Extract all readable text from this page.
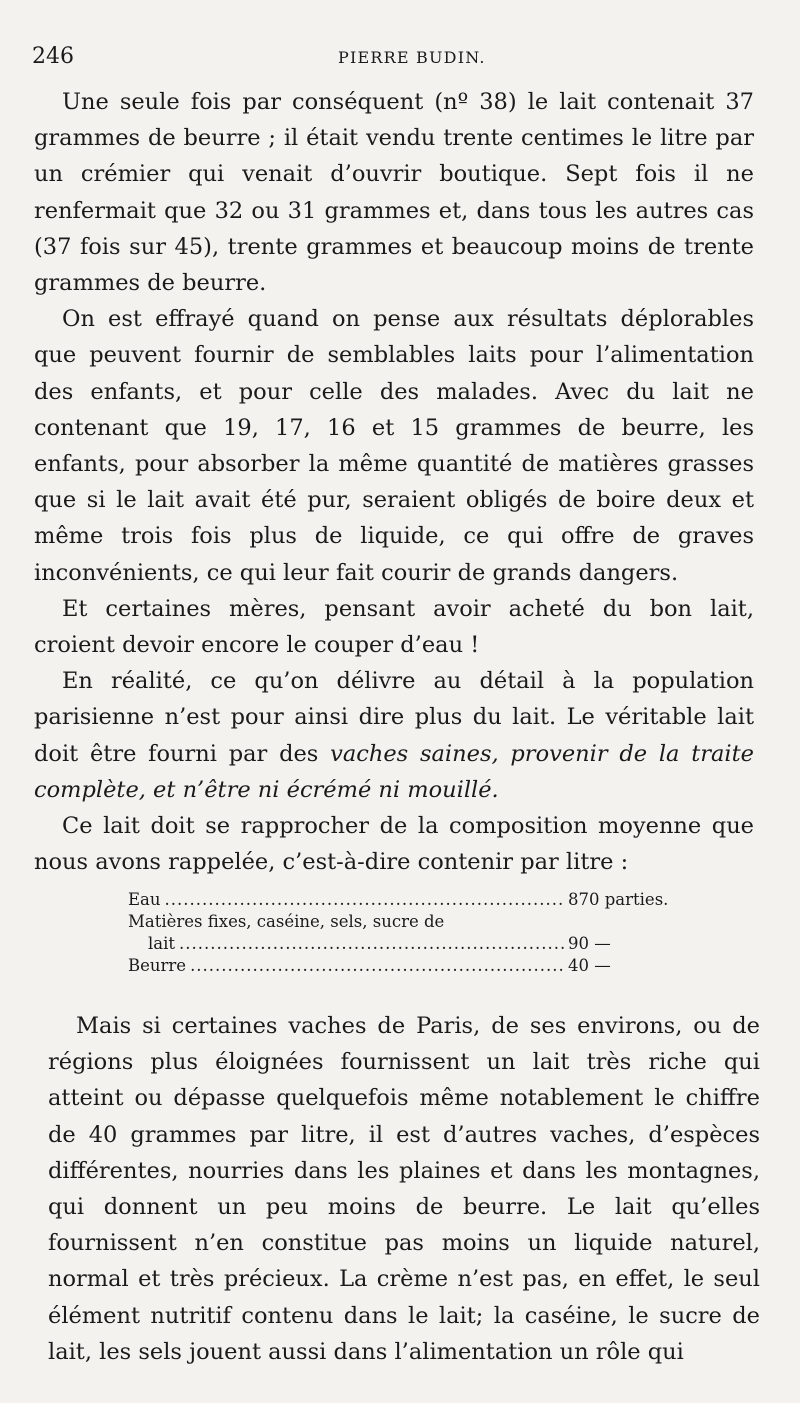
246	PIERRE BUDIN.

Une seule fois par conséquent (nº 38) le lait contenait 37 grammes de beurre ; il était vendu trente centimes le litre par un crémier qui venait d’ouvrir boutique. Sept fois il ne renfermait que 32 ou 31 grammes et, dans tous les autres cas (37 fois sur 45), trente grammes et beaucoup moins de trente grammes de beurre.

On est effrayé quand on pense aux résultats déplorables que peuvent fournir de semblables laits pour l’alimentation des enfants, et pour celle des malades. Avec du lait ne contenant que 19, 17, 16 et 15 grammes de beurre, les enfants, pour absorber la même quantité de matières grasses que si le lait avait été pur, seraient obligés de boire deux et même trois fois plus de liquide, ce qui offre de graves inconvénients, ce qui leur fait courir de grands dangers.

Et certaines mères, pensant avoir acheté du bon lait, croient devoir encore le couper d’eau !

En réalité, ce qu’on délivre au détail à la population parisienne n’est pour ainsi dire plus du lait. Le véritable lait doit être fourni par des vaches saines, provenir de la traite complète, et n’être ni écrémé ni mouillé.

Ce lait doit se rapprocher de la composition moyenne que nous avons rappelée, c’est-à-dire contenir par litre :

Eau .....	870 parties.
Matières fixes, caséine, sels, sucre de
lait .....	90 —
Beurre .....	40 —

Mais si certaines vaches de Paris, de ses environs, ou de régions plus éloignées fournissent un lait très riche qui atteint ou dépasse quelquefois même notablement le chiffre de 40 grammes par litre, il est d’autres vaches, d’espèces différentes, nourries dans les plaines et dans les montagnes, qui donnent un peu moins de beurre. Le lait qu’elles fournissent n’en constitue pas moins un liquide naturel, normal et très précieux. La crème n’est pas, en effet, le seul élément nutritif contenu dans le lait; la caséine, le sucre de lait, les sels jouent aussi dans l’alimentation un rôle qui
